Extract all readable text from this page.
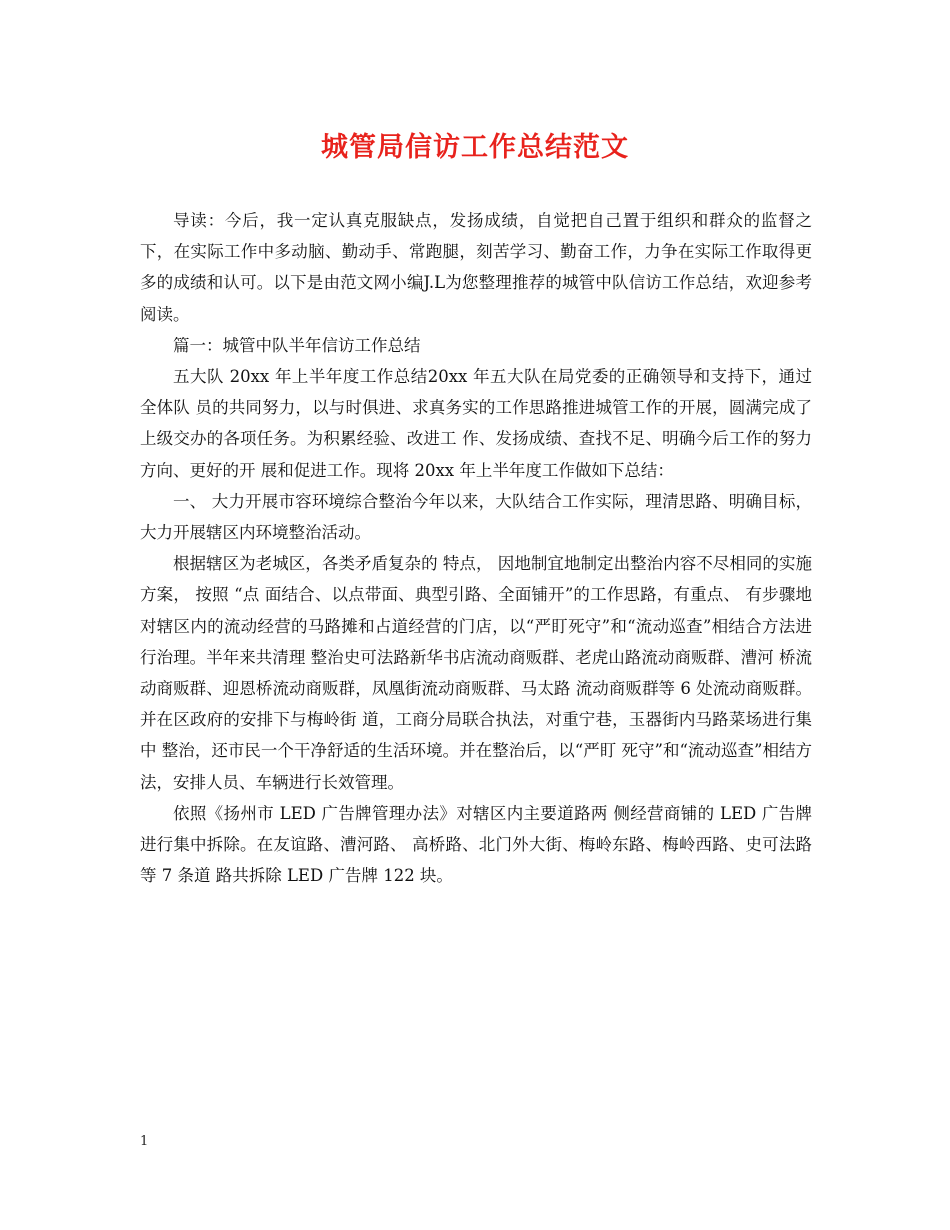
城管局信访工作总结范文

导读：今后，我一定认真克服缺点，发扬成绩，自觉把自己置于组织和群众的监督之下，在实际工作中多动脑、勤动手、常跑腿，刻苦学习、勤奋工作，力争在实际工作取得更多的成绩和认可。以下是由范文网小编J.L为您整理推荐的城管中队信访工作总结，欢迎参考阅读。

篇一：城管中队半年信访工作总结

五大队 20xx 年上半年度工作总结20xx 年五大队在局党委的正确领导和支持下，通过全体队 员的共同努力，以与时俱进、求真务实的工作思路推进城管工作的开展，圆满完成了上级交办的各项任务。为积累经验、改进工 作、发扬成绩、查找不足、明确今后工作的努力方向、更好的开 展和促进工作。现将 20xx 年上半年度工作做如下总结：

一、 大力开展市容环境综合整治今年以来，大队结合工作实际，理清思路、明确目标，大力开展辖区内环境整治活动。

根据辖区为老城区，各类矛盾复杂的 特点， 因地制宜地制定出整治内容不尽相同的实施方案， 按照 “点 面结合、以点带面、典型引路、全面铺开”的工作思路，有重点、 有步骤地对辖区内的流动经营的马路摊和占道经营的门店，以“严盯死守”和“流动巡查”相结合方法进行治理。半年来共清理 整治史可法路新华书店流动商贩群、老虎山路流动商贩群、漕河 桥流动商贩群、迎恩桥流动商贩群，凤凰街流动商贩群、马太路 流动商贩群等 6 处流动商贩群。并在区政府的安排下与梅岭街 道，工商分局联合执法，对重宁巷，玉器街内马路菜场进行集中 整治，还市民一个干净舒适的生活环境。并在整治后，以“严盯 死守”和“流动巡查”相结方法，安排人员、车辆进行长效管理。

依照《扬州市 LED 广告牌管理办法》对辖区内主要道路两 侧经营商铺的 LED 广告牌进行集中拆除。在友谊路、漕河路、 高桥路、北门外大街、梅岭东路、梅岭西路、史可法路等 7 条道 路共拆除 LED 广告牌 122 块。

1
